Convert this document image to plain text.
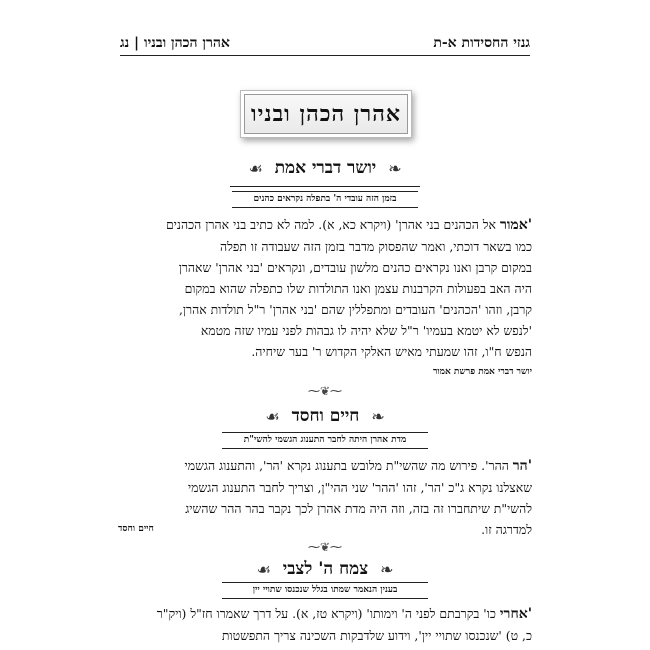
גנזי החסידות א-ת
אהרן הכהן ובניו | נג
אהרן הכהן ובניו
❧
יושר דברי אמת
☙
בזמן הזה עובדי ה' בתפלה נקראים כהנים
'אמור אל הכהנים בני אהרן' (ויקרא כא, א). למה לא כתיב בני אהרן הכהנים
כמו בשאר דוכתי, ואמר שהפסוק מדבר בזמן הזה שעבודה זו תפלה
במקום קרבן ואנו נקראים כהנים מלשון עובדים, ונקראים 'בני אהרן' שאהרן
היה האב בפעולות הקרבנות עצמן ואנו התולדות שלו כתפלה שהוא במקום
קרבן, וזהו 'הכהנים' העובדים ומתפללין שהם 'בני אהרן' ר"ל תולדות אהרן,
'לנפש לא יטמא בעמיו' ר"ל שלא יהיה לו גבהות לפני עמיו שזה מטמא
הנפש ח"ו, זהו שמעתי מאיש האלקי הקדוש ר' בער שיחיה.
יושר דברי אמת פרשת אמור
⁓❦⁓
❧
חיים וחסד
☙
מדת אהרן היתה לחבר התענוג הגשמי להשי"ת
'הר ההר'. פירוש מה שהשי"ת מלובש בתענוג נקרא 'הר', והתענוג הגשמי
שאצלנו נקרא ג"כ 'הר', זהו 'ההר' שני ההי"ן, וצריך לחבר התענוג הגשמי
להשי"ת שיתחברו זה בזה, וזה היה מדת אהרן לכך נקבר בהר ההר שהשיג
למדרגה זו.
חיים וחסד
⁓❦⁓
❧
צמח ה' לצבי
☙
בענין הנאמר שמתו בגלל שנכנסו שתויי יין
'אחרי כו' בקרבתם לפני ה' וימותו' (ויקרא טז, א). על דרך שאמרו חז"ל (ויק"ר
כ, ט) 'שנכנסו שתויי יין', וידוע שלדבקות השכינה צריך התפשטות
